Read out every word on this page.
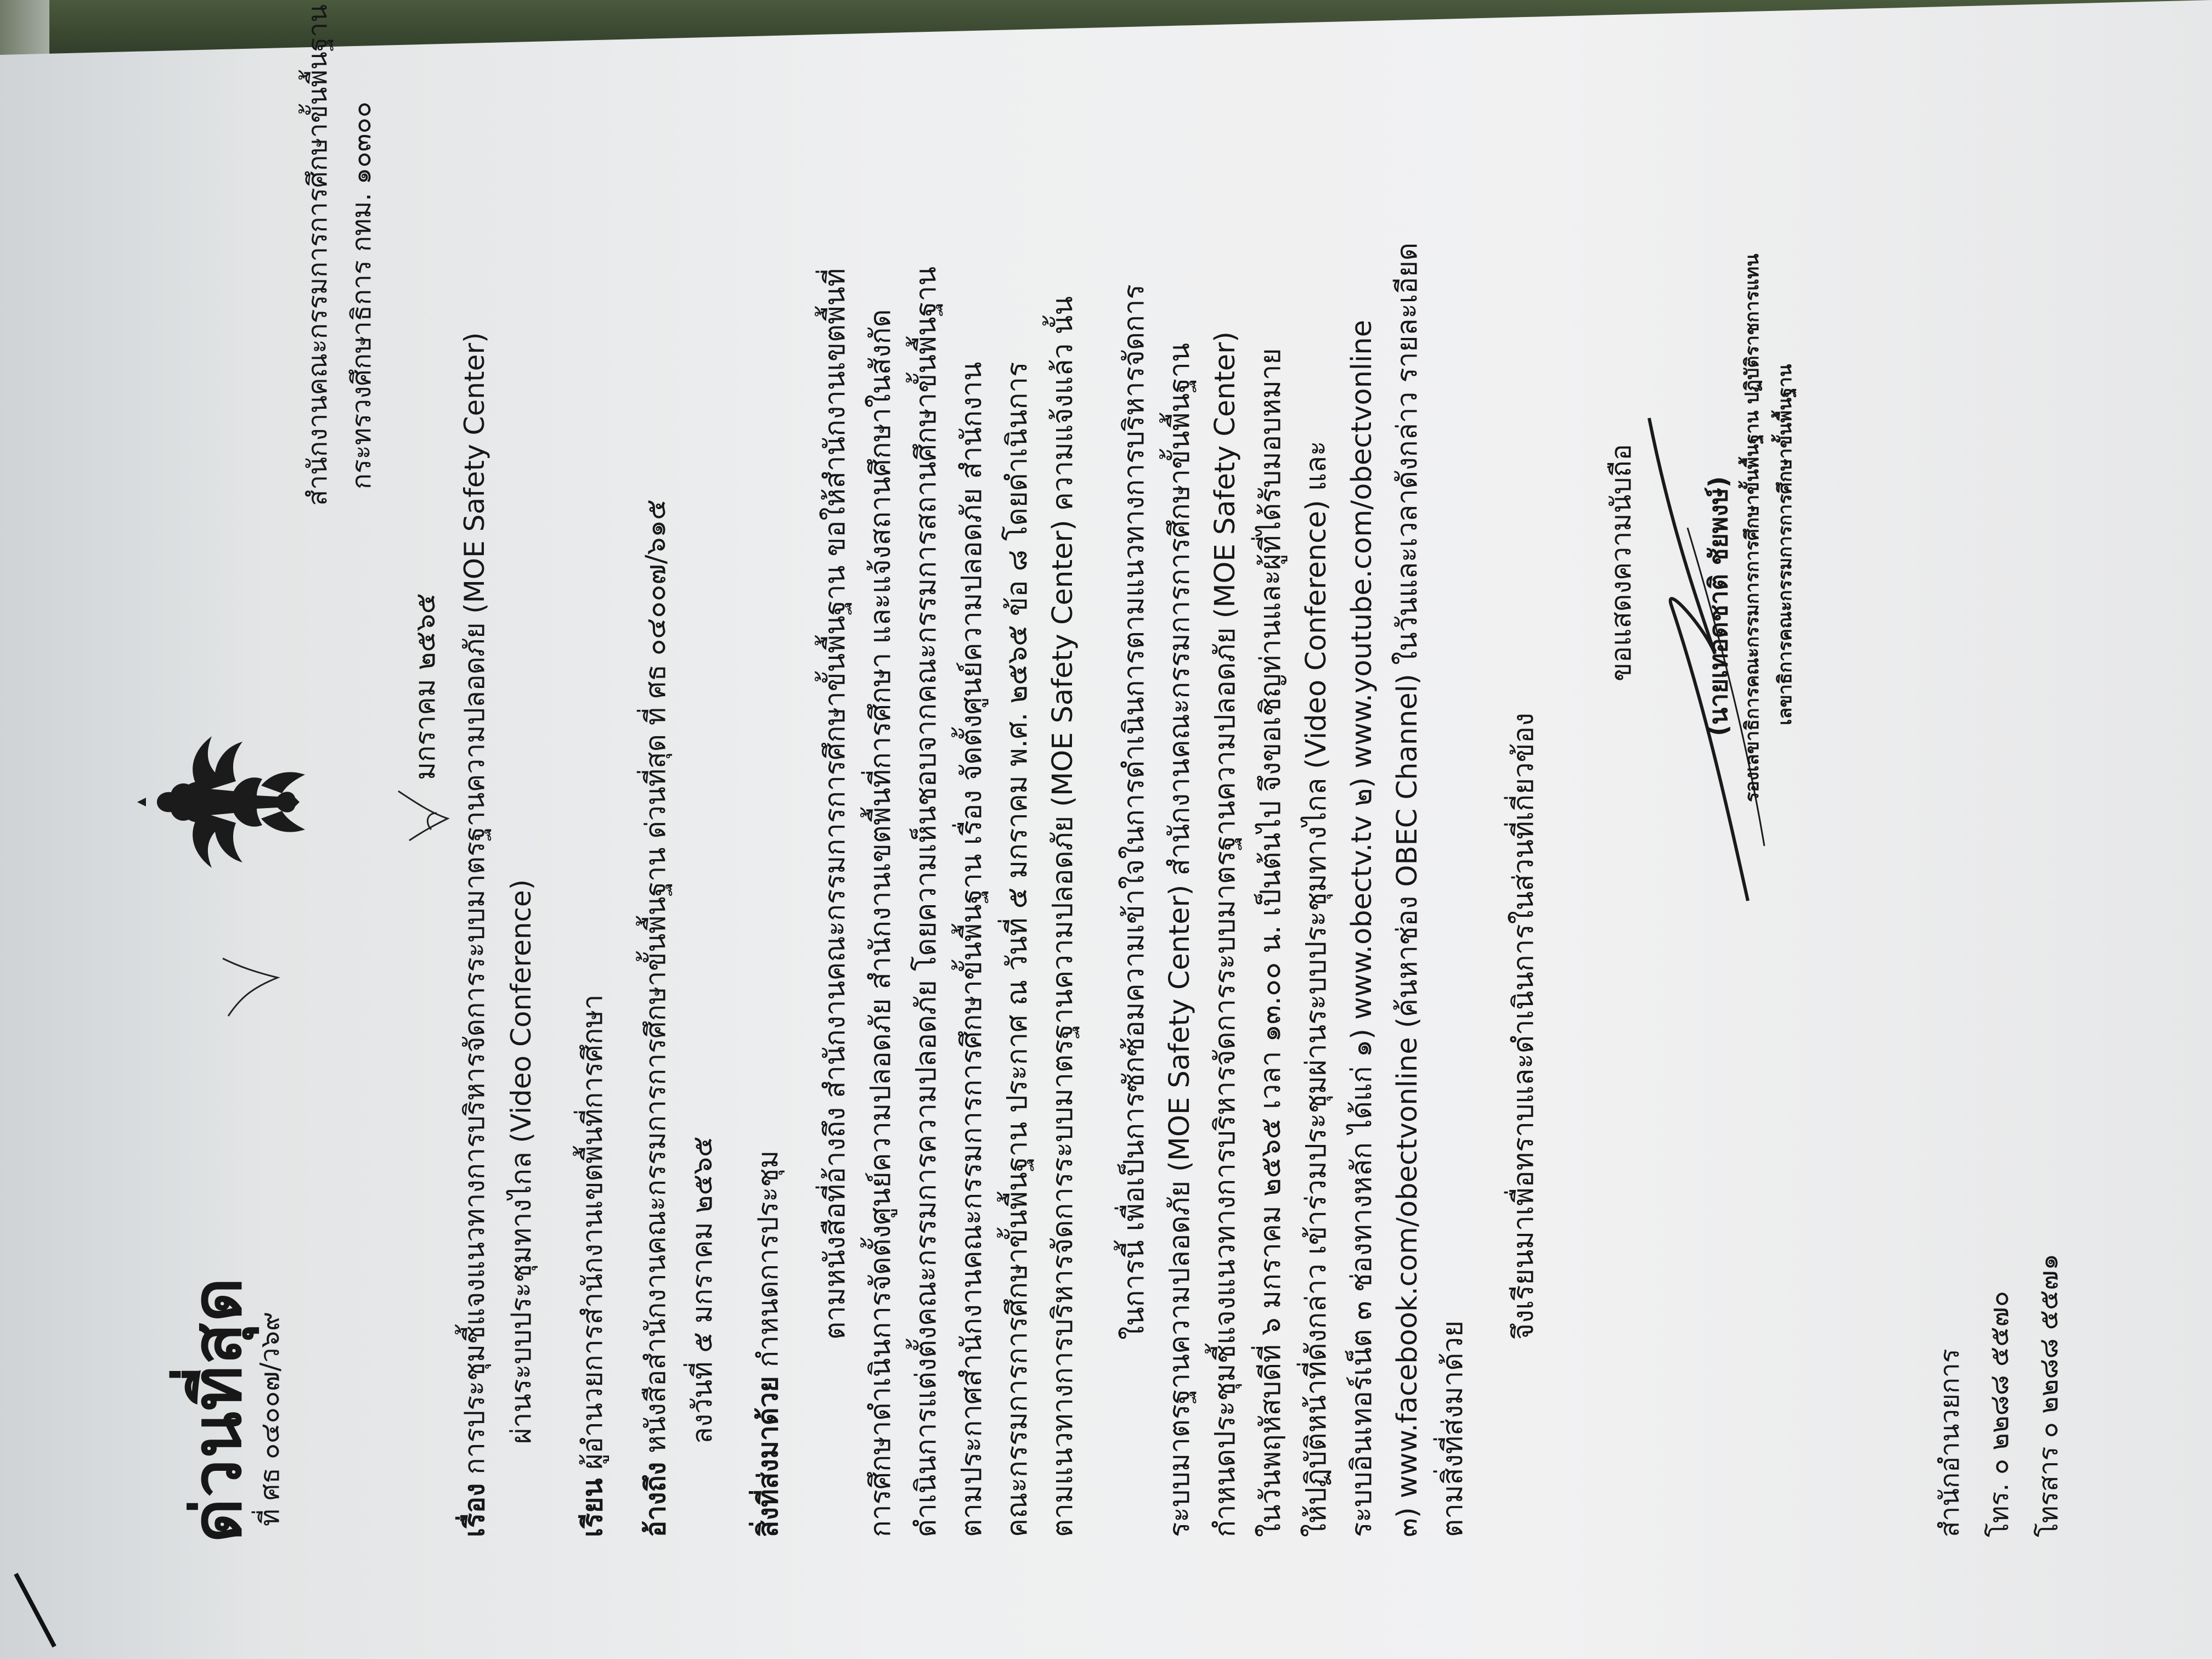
ด่วนที่สุด
ที่ ศธ ๐๔๐๐๗/ว๖๙
สำนักงานคณะกรรมการการศึกษาขั้นพื้นฐาน กระทรวงศึกษาธิการ กทม. ๑๐๓๐๐
มกราคม ๒๕๖๕
เรื่อง การประชุมชี้แจงแนวทางการบริหารจัดการระบบมาตรฐานความปลอดภัย (MOE Safety Center) ผ่านระบบประชุมทางไกล (Video Conference)
เรียน ผู้อำนวยการสำนักงานเขตพื้นที่การศึกษา
อ้างถึง หนังสือสำนักงานคณะกรรมการการศึกษาขั้นพื้นฐาน ด่วนที่สุด ที่ ศธ ๐๔๐๐๗/๖๑๕ ลงวันที่ ๕ มกราคม ๒๕๖๕
สิ่งที่ส่งมาด้วย กำหนดการประชุม ตามหนังสือที่อ้างถึง สำนักงานคณะกรรมการการศึกษาขั้นพื้นฐาน ขอให้สำนักงานเขตพื้นที่ การศึกษาดำเนินการจัดตั้งศูนย์ความปลอดภัย สำนักงานเขตพื้นที่การศึกษา และแจ้งสถานศึกษาในสังกัด ดำเนินการแต่งตั้งคณะกรรมการความปลอดภัย โดยความเห็นชอบจากคณะกรรมการสถานศึกษาขั้นพื้นฐาน ตามประกาศสำนักงานคณะกรรมการการศึกษาขั้นพื้นฐาน เรื่อง จัดตั้งศูนย์ความปลอดภัย สำนักงาน คณะกรรมการการศึกษาขั้นพื้นฐาน ประกาศ ณ วันที่ ๕ มกราคม พ.ศ. ๒๕๖๕ ข้อ ๘ โดยดำเนินการ ตามแนวทางการบริหารจัดการระบบมาตรฐานความปลอดภัย (MOE Safety Center) ความแจ้งแล้ว นั้น ในการนี้ เพื่อเป็นการซักซ้อมความเข้าใจในการดำเนินการตามแนวทางการบริหารจัดการ ระบบมาตรฐานความปลอดภัย (MOE Safety Center) สำนักงานคณะกรรมการการศึกษาขั้นพื้นฐาน กำหนดประชุมชี้แจงแนวทางการบริหารจัดการระบบมาตรฐานความปลอดภัย (MOE Safety Center) ในวันพฤหัสบดีที่ ๖ มกราคม ๒๕๖๕ เวลา ๑๓.๐๐ น. เป็นต้นไป จึงขอเชิญท่านและผู้ที่ได้รับมอบหมาย ให้ปฏิบัติหน้าที่ดังกล่าว เข้าร่วมประชุมผ่านระบบประชุมทางไกล (Video Conference) และ ระบบอินเทอร์เน็ต ๓ ช่องทางหลัก ได้แก่ ๑) www.obectv.tv ๒) www.youtube.com/obectvonline ๓) www.facebook.com/obectvonline (ค้นหาช่อง OBEC Channel) ในวันและเวลาดังกล่าว รายละเอียด ตามสิ่งที่ส่งมาด้วย
จึงเรียนมาเพื่อทราบและดำเนินการในส่วนที่เกี่ยวข้อง
ขอแสดงความนับถือ	(นายเทอดชาติ ชัยพงษ์) รองเลขาธิการคณะกรรมการการศึกษาขั้นพื้นฐาน ปฏิบัติราชการแทน เลขาธิการคณะกรรมการการศึกษาขั้นพื้นฐาน
สำนักอำนวยการ โทร. ๐ ๒๒๘๘ ๕๕๗๐ โทรสาร ๐ ๒๒๘๘ ๕๕๗๑
